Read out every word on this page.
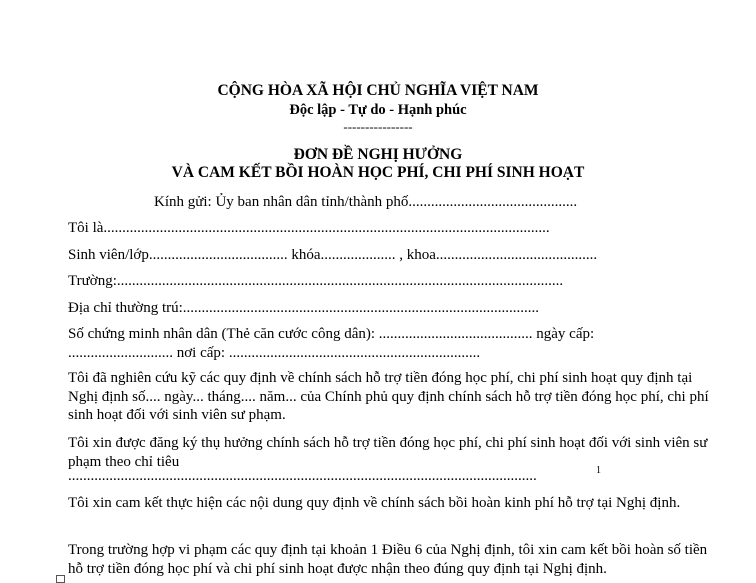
CỘNG HÒA XÃ HỘI CHỦ NGHĨA VIỆT NAM
Độc lập - Tự do - Hạnh phúc
----------------
ĐƠN ĐỀ NGHỊ HƯỞNG
VÀ CAM KẾT BỒI HOÀN HỌC PHÍ, CHI PHÍ SINH HOẠT
Kính gửi: Ủy ban nhân dân tỉnh/thành phố.............................................
Tôi là.......................................................................................................................
Sinh viên/lớp..................................... khóa.................... , khoa...........................................
Trường:.......................................................................................................................
Địa chỉ thường trú:...............................................................................................
Số chứng minh nhân dân (Thẻ căn cước công dân): ......................................... ngày cấp:
............................ nơi cấp: ...................................................................
Tôi đã nghiên cứu kỹ các quy định về chính sách hỗ trợ tiền đóng học phí, chi phí sinh hoạt quy định tại Nghị định số.... ngày... tháng.... năm... của Chính phủ quy định chính sách hỗ trợ tiền đóng học phí, chi phí sinh hoạt đối với sinh viên sư phạm.
Tôi xin được đăng ký thụ hưởng chính sách hỗ trợ tiền đóng học phí, chi phí sinh hoạt đối với sinh viên sư phạm theo chỉ tiêu
.............................................................................................................................	1
Tôi xin cam kết thực hiện các nội dung quy định về chính sách bồi hoàn kinh phí hỗ trợ tại Nghị định.
Trong trường hợp vi phạm các quy định tại khoản 1 Điều 6 của Nghị định, tôi xin cam kết bồi hoàn số tiền hỗ trợ tiền đóng học phí và chi phí sinh hoạt được nhận theo đúng quy định tại Nghị định.
